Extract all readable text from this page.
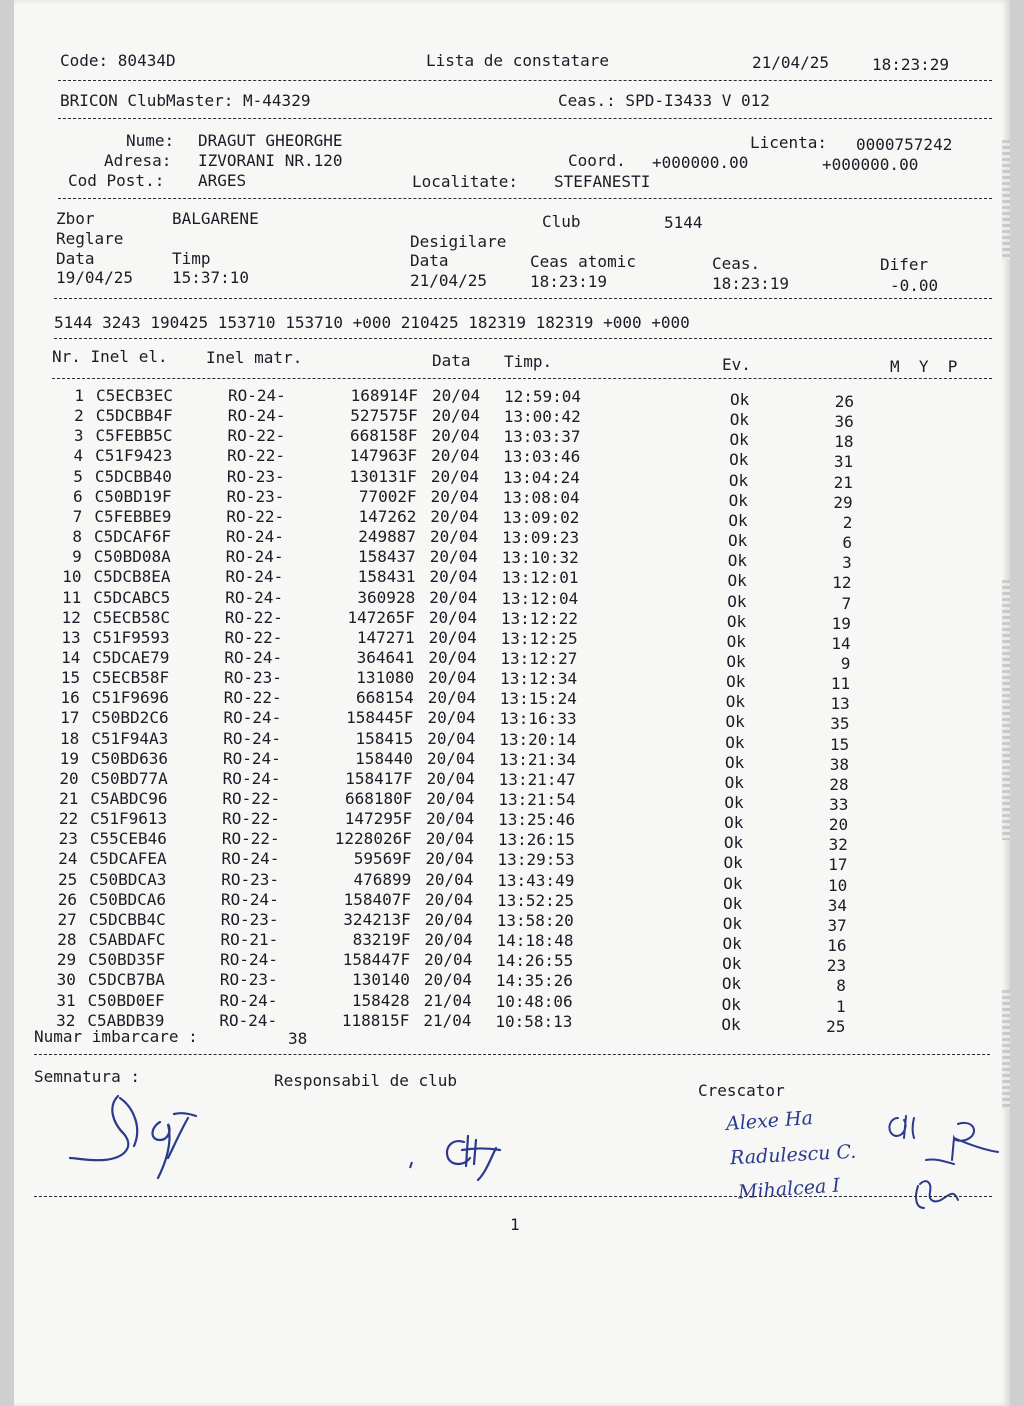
Code: 80434D	Lista de constatare	21/04/25	18:23:29
BRICON ClubMaster: M-44329	Ceas.: SPD-I3433 V 012
Nume: DRAGUT GHEORGHE	Licenta: 0000757242
Adresa: IZVORANI NR.120	Coord. +000000.00	+000000.00
Cod Post.: ARGES	Localitate: STEFANESTI
Zbor	BALGARENE	Club	5144
Reglare	Desigilare
Data	Timp	Data	Ceas atomic	Ceas.	Difer
19/04/25 15:37:10	21/04/25	18:23:19	18:23:19	-0.00
5144 3243 190425 153710 153710 +000 210425 182319 182319 +000 +000
Nr. Inel el. Inel matr.	Data Timp.	Ev.	M  Y  P
1 C5ECB3EC	RO-24-	168914F 20/04 12:59:04	Ok	26
2 C5DCBB4F	RO-24-	527575F 20/04 13:00:42	Ok	36
3 C5FEBB5C	RO-22-	668158F 20/04 13:03:37	Ok	18
4 C51F9423	RO-22-	147963F 20/04 13:03:46	Ok	31
5 C5DCBB40	RO-23-	130131F 20/04 13:04:24	Ok	21
6 C50BD19F	RO-23-	77002F 20/04 13:08:04	Ok	29
7 C5FEBBE9	RO-22-	147262 20/04 13:09:02	Ok	2
8 C5DCAF6F	RO-24-	249887 20/04 13:09:23	Ok	6
9 C50BD08A	RO-24-	158437 20/04 13:10:32	Ok	3
10 C5DCB8EA	RO-24-	158431 20/04 13:12:01	Ok	12
11 C5DCABC5	RO-24-	360928 20/04 13:12:04	Ok	7
12 C5ECB58C	RO-22-	147265F 20/04 13:12:22	Ok	19
13 C51F9593	RO-22-	147271 20/04 13:12:25	Ok	14
14 C5DCAE79	RO-24-	364641 20/04 13:12:27	Ok	9
15 C5ECB58F	RO-23-	131080 20/04 13:12:34	Ok	11
16 C51F9696	RO-22-	668154 20/04 13:15:24	Ok	13
17 C50BD2C6	RO-24-	158445F 20/04 13:16:33	Ok	35
18 C51F94A3	RO-24-	158415 20/04 13:20:14	Ok	15
19 C50BD636	RO-24-	158440 20/04 13:21:34	Ok	38
20 C50BD77A	RO-24-	158417F 20/04 13:21:47	Ok	28
21 C5ABDC96	RO-22-	668180F 20/04 13:21:54	Ok	33
22 C51F9613	RO-22-	147295F 20/04 13:25:46	Ok	20
23 C55CEB46	RO-22-	1228026F 20/04 13:26:15	Ok	32
24 C5DCAFEA	RO-24-	59569F 20/04 13:29:53	Ok	17
25 C50BDCA3	RO-23-	476899 20/04 13:43:49	Ok	10
26 C50BDCA6	RO-24-	158407F 20/04 13:52:25	Ok	34
27 C5DCBB4C	RO-23-	324213F 20/04 13:58:20	Ok	37
28 C5ABDAFC	RO-21-	83219F 20/04 14:18:48	Ok	16
29 C50BD35F	RO-24-	158447F 20/04 14:26:55	Ok	23
30 C5DCB7BA	RO-23-	130140 20/04 14:35:26	Ok	8
31 C50BD0EF	RO-24-	158428 21/04 10:48:06	Ok	1
32 C5ABDB39	RO-24-	118815F 21/04 10:58:13	Ok	25
Numar imbarcare :	38
Semnatura :	Responsabil de club
Crescator
Alexe Ha
Radulescu C.
Mihalcea I
1
